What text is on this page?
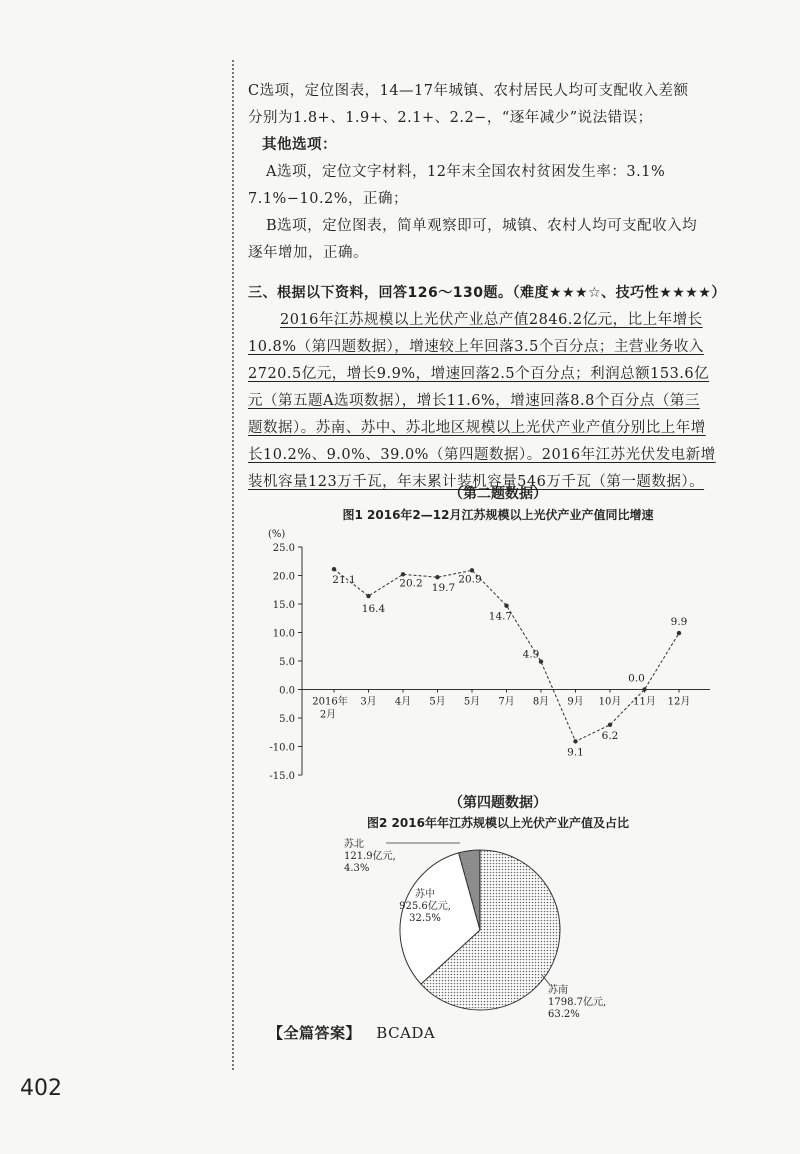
C选项，定位图表，14—17年城镇、农村居民人均可支配收入差额
分别为1.8+、1.9+、2.1+、2.2−，“逐年减少”说法错误；
其他选项：
A选项，定位文字材料，12年末全国农村贫困发生率：3.1%
7.1%−10.2%，正确；
B选项，定位图表，简单观察即可，城镇、农村人均可支配收入均
逐年增加，正确。
三、根据以下资料，回答126～130题。（难度★★★☆、技巧性★★★★）
2016年江苏规模以上光伏产业总产值2846.2亿元，比上年增长
10.8%（第四题数据），增速较上年回落3.5个百分点；主营业务收入
2720.5亿元，增长9.9%，增速回落2.5个百分点；利润总额153.6亿
元（第五题A选项数据），增长11.6%，增速回落8.8个百分点（第三
题数据）。苏南、苏中、苏北地区规模以上光伏产业产值分别比上年增
长10.2%、9.0%、39.0%（第四题数据）。2016年江苏光伏发电新增
装机容量123万千瓦，年末累计装机容量546万千瓦（第一题数据）。
（第二题数据）
图1 2016年2—12月江苏规模以上光伏产业产值同比增速
(%)
25.0
20.0
15.0
10.0
5.0
0.0
5.0
-10.0
-15.0
2016年
2月
3月 4月 5月 5月 7月 8月 9月 10月 11月 12月
21.1
16.4
20.2 19.7
20.9
14.7
4.9
9.1
6.2
0.0
9.9
（第四题数据）
图2 2016年年江苏规模以上光伏产业产值及占比
苏北
121.9亿元,
4.3%
苏中
925.6亿元,
32.5%
苏南
1798.7亿元,
63.2%
【全篇答案】 BCADA
402
